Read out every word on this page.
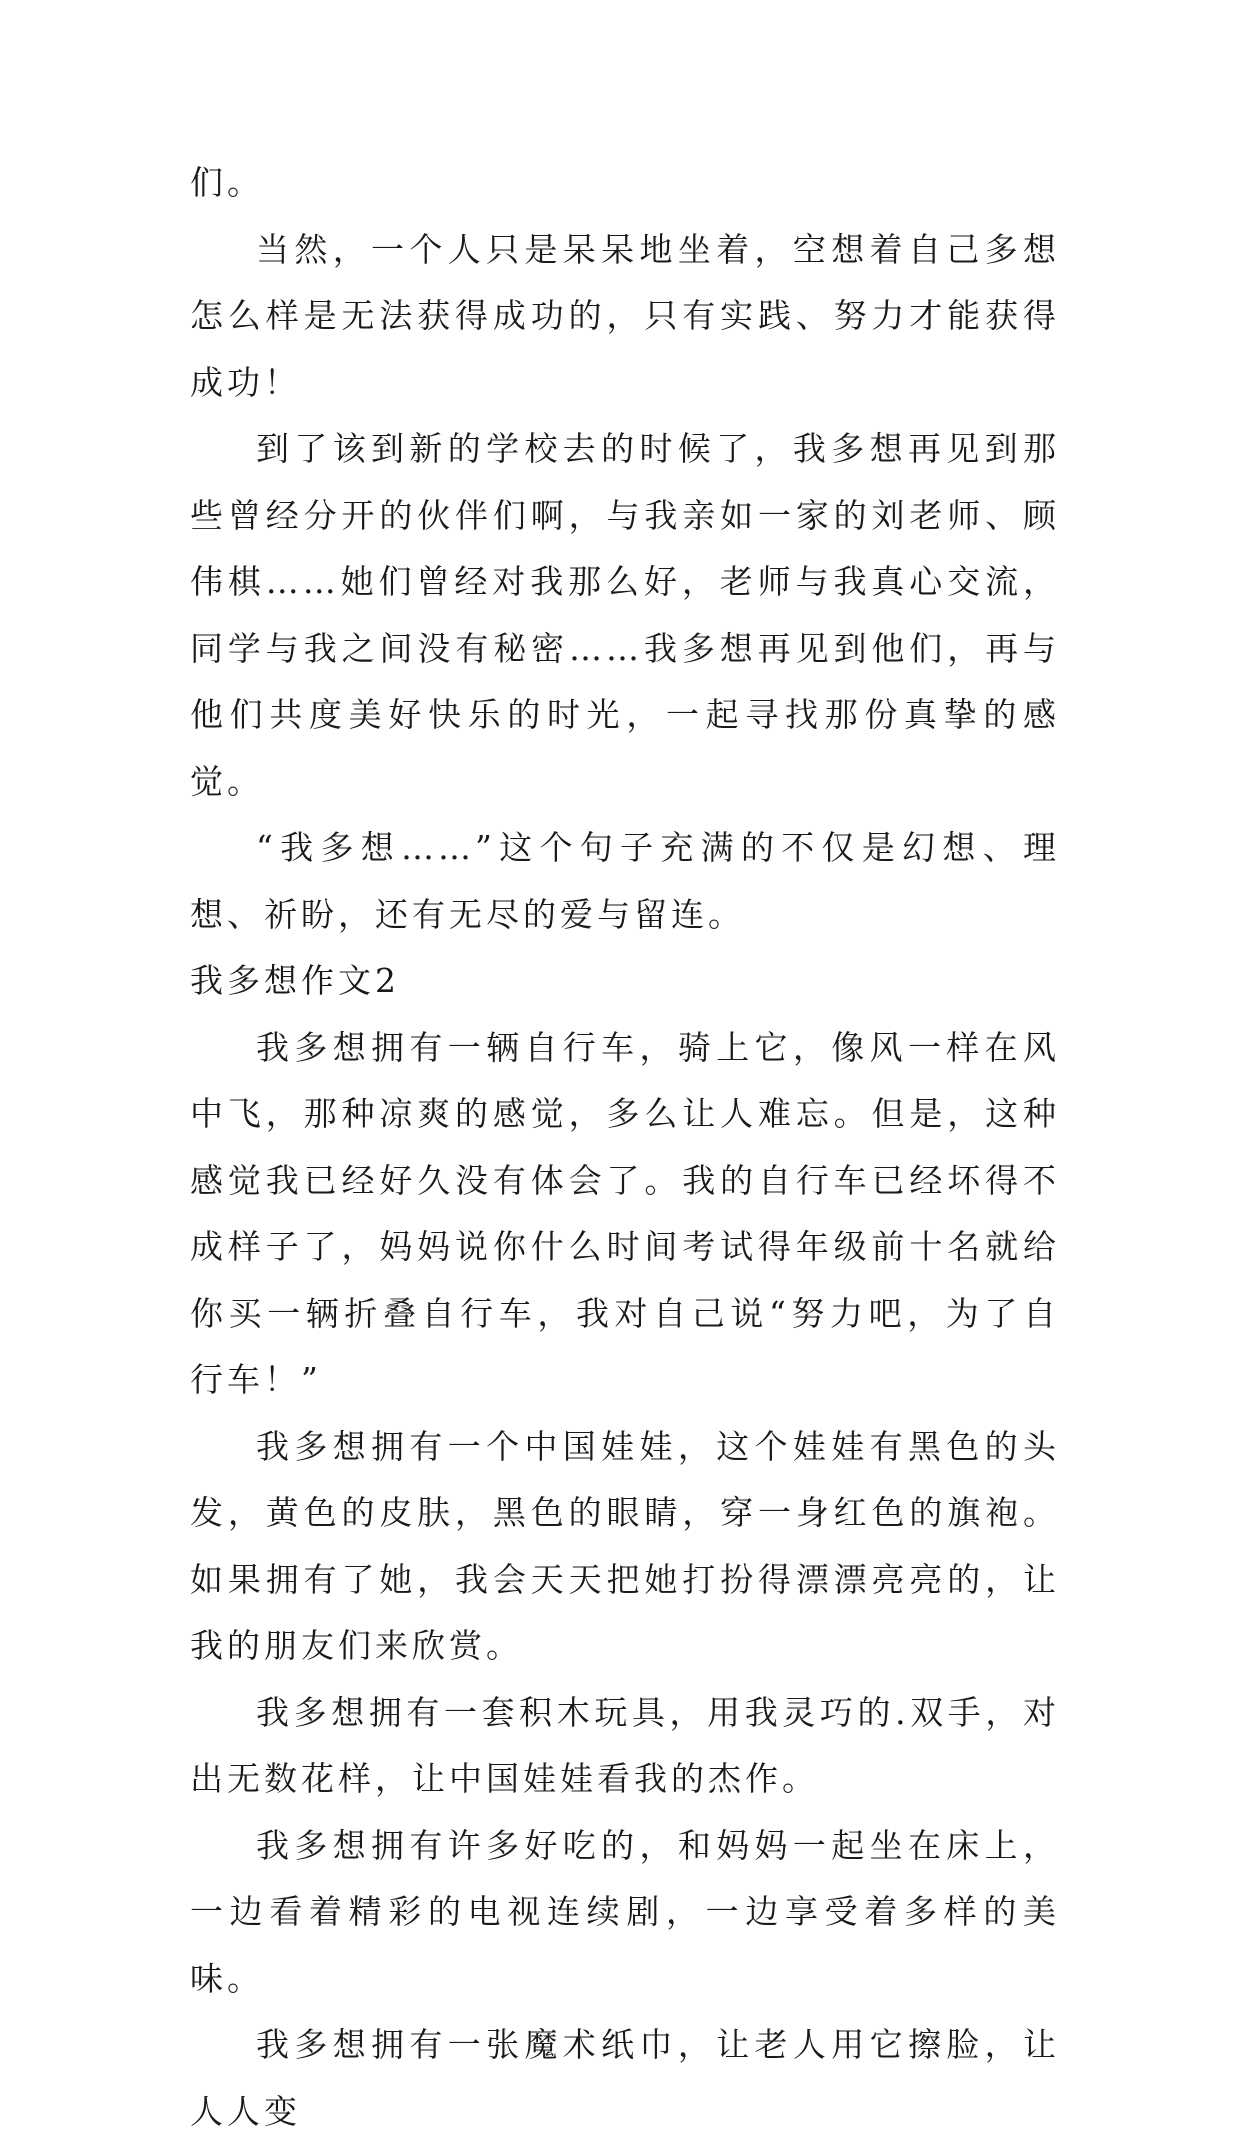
们。

当然，一个人只是呆呆地坐着，空想着自己多想怎么样是无法获得成功的，只有实践、努力才能获得成功！

到了该到新的学校去的时候了，我多想再见到那些曾经分开的伙伴们啊，与我亲如一家的刘老师、顾伟棋……她们曾经对我那么好，老师与我真心交流，同学与我之间没有秘密……我多想再见到他们，再与他们共度美好快乐的时光，一起寻找那份真挚的感觉。

“我多想……”这个句子充满的不仅是幻想、理想、祈盼，还有无尽的爱与留连。

我多想作文2

我多想拥有一辆自行车，骑上它，像风一样在风中飞，那种凉爽的感觉，多么让人难忘。但是，这种感觉我已经好久没有体会了。我的自行车已经坏得不成样子了，妈妈说你什么时间考试得年级前十名就给你买一辆折叠自行车，我对自己说“努力吧，为了自行车！”

我多想拥有一个中国娃娃，这个娃娃有黑色的头发，黄色的皮肤，黑色的眼睛，穿一身红色的旗袍。如果拥有了她，我会天天把她打扮得漂漂亮亮的，让我的朋友们来欣赏。

我多想拥有一套积木玩具，用我灵巧的.双手，对出无数花样，让中国娃娃看我的杰作。

我多想拥有许多好吃的，和妈妈一起坐在床上，一边看着精彩的电视连续剧，一边享受着多样的美味。

我多想拥有一张魔术纸巾，让老人用它擦脸，让人人变
